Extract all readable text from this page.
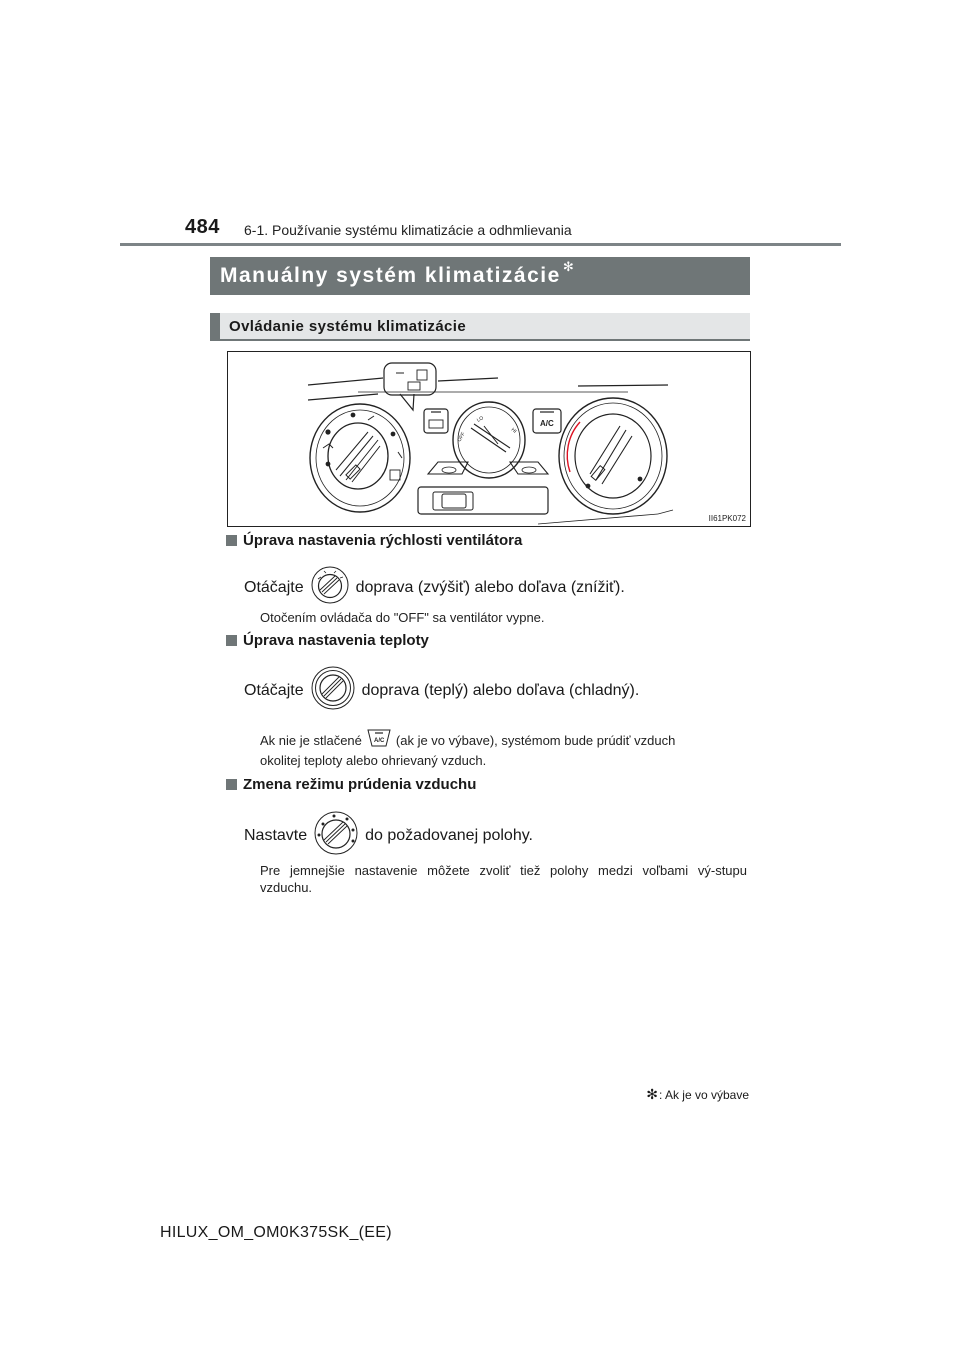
484 6-1. Používanie systému klimatizácie a odhmlievania
Manuálny systém klimatizácie ✻
Ovládanie systému klimatizácie
A/C
OFF
LO
HI
II61PK072
Úprava nastavenia rýchlosti ventilátora
Otáčajte	doprava (zvýšiť) alebo doľava (znížiť).
Otočením ovládača do "OFF" sa ventilátor vypne.
Úprava nastavenia teploty
Otáčajte	doprava (teplý) alebo doľava (chladný).
Ak nie je stlačené A/C (ak je vo výbave), systémom bude prúdiť vzduch
okolitej teploty alebo ohrievaný vzduch.
Zmena režimu prúdenia vzduchu
Nastavte	do požadovanej polohy.
Pre jemnejšie nastavenie môžete zvoliť tiež polohy medzi voľbami vý-stupu vzduchu.
✻ : Ak je vo výbave
HILUX_OM_OM0K375SK_(EE)
